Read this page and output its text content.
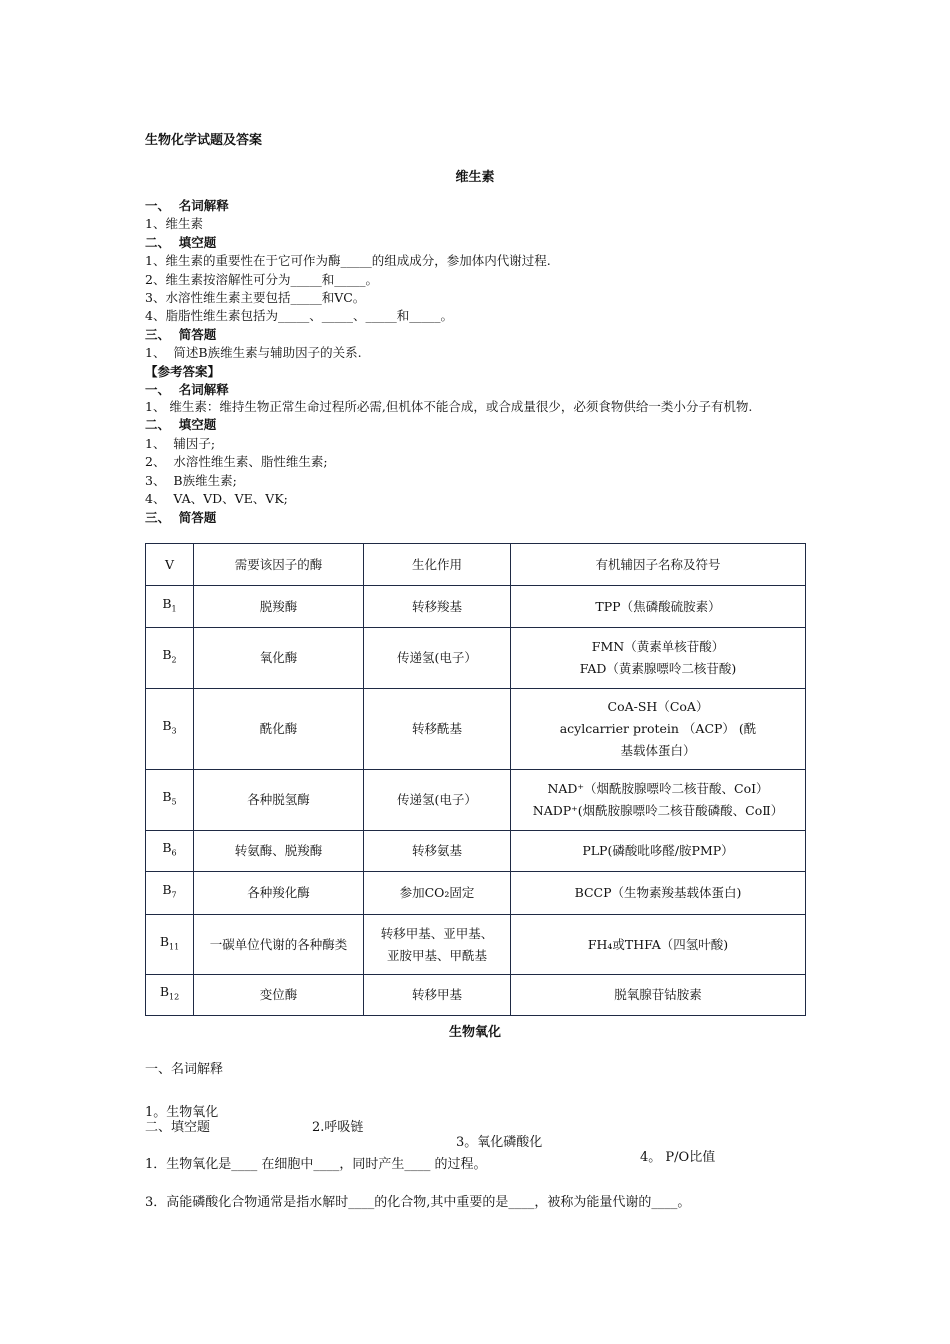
生物化学试题及答案
维生素
一、  名词解释
1、维生素
二、  填空题
1、维生素的重要性在于它可作为酶_____的组成成分，参加体内代谢过程.
2、维生素按溶解性可分为_____和_____。
3、水溶性维生素主要包括_____和VC。
4、脂脂性维生素包括为_____、_____、_____和_____。
三、  简答题
1、  简述B族维生素与辅助因子的关系.
【参考答案】
一、  名词解释
1、 维生素：维持生物正常生命过程所必需,但机体不能合成，或合成量很少，必须食物供给一类小分子有机物.
二、  填空题
1、  辅因子;
2、  水溶性维生素、脂性维生素;
3、  B族维生素;
4、  VA、VD、VE、VK;
三、  简答题
V	需要该因子的酶	生化作用	有机辅因子名称及符号
$B_1$	脱羧酶	转移羧基	TPP（焦磷酸硫胺素）

$B_2$	氧化酶	传递氢(电子）	FMN（黄素单核苷酸）
FAD（黄素腺嘌呤二核苷酸)

$B_3$	酰化酶	转移酰基	CoA-SH（CoA）
acylcarrier protein （ACP） (酰
基载体蛋白）

$B_5$	各种脱氢酶	传递氢(电子）	NAD⁺（烟酰胺腺嘌呤二核苷酸、CoⅠ）
NADP⁺(烟酰胺腺嘌呤二核苷酸磷酸、CoⅡ）

$B_6$	转氨酶、脱羧酶	转移氨基	PLP(磷酸吡哆醛/胺PMP）

$B_7$	各种羧化酶	参加CO₂固定	BCCP（生物素羧基载体蛋白)

$B_{11}$	一碳单位代谢的各种酶类	转移甲基、亚甲基、亚胺甲基、甲酰基	FH₄或THFA（四氢叶酸)

$B_{12}$	变位酶	转移甲基	脱氧腺苷钴胺素
生物氧化
一、名词解释

1。生物氧化

2.呼吸链

3。氧化磷酸化

4。 P/O比值

二、填空题
1．生物氧化是____ 在细胞中____，同时产生____ 的过程。
3．高能磷酸化合物通常是指水解时____的化合物,其中重要的是____，被称为能量代谢的____。
